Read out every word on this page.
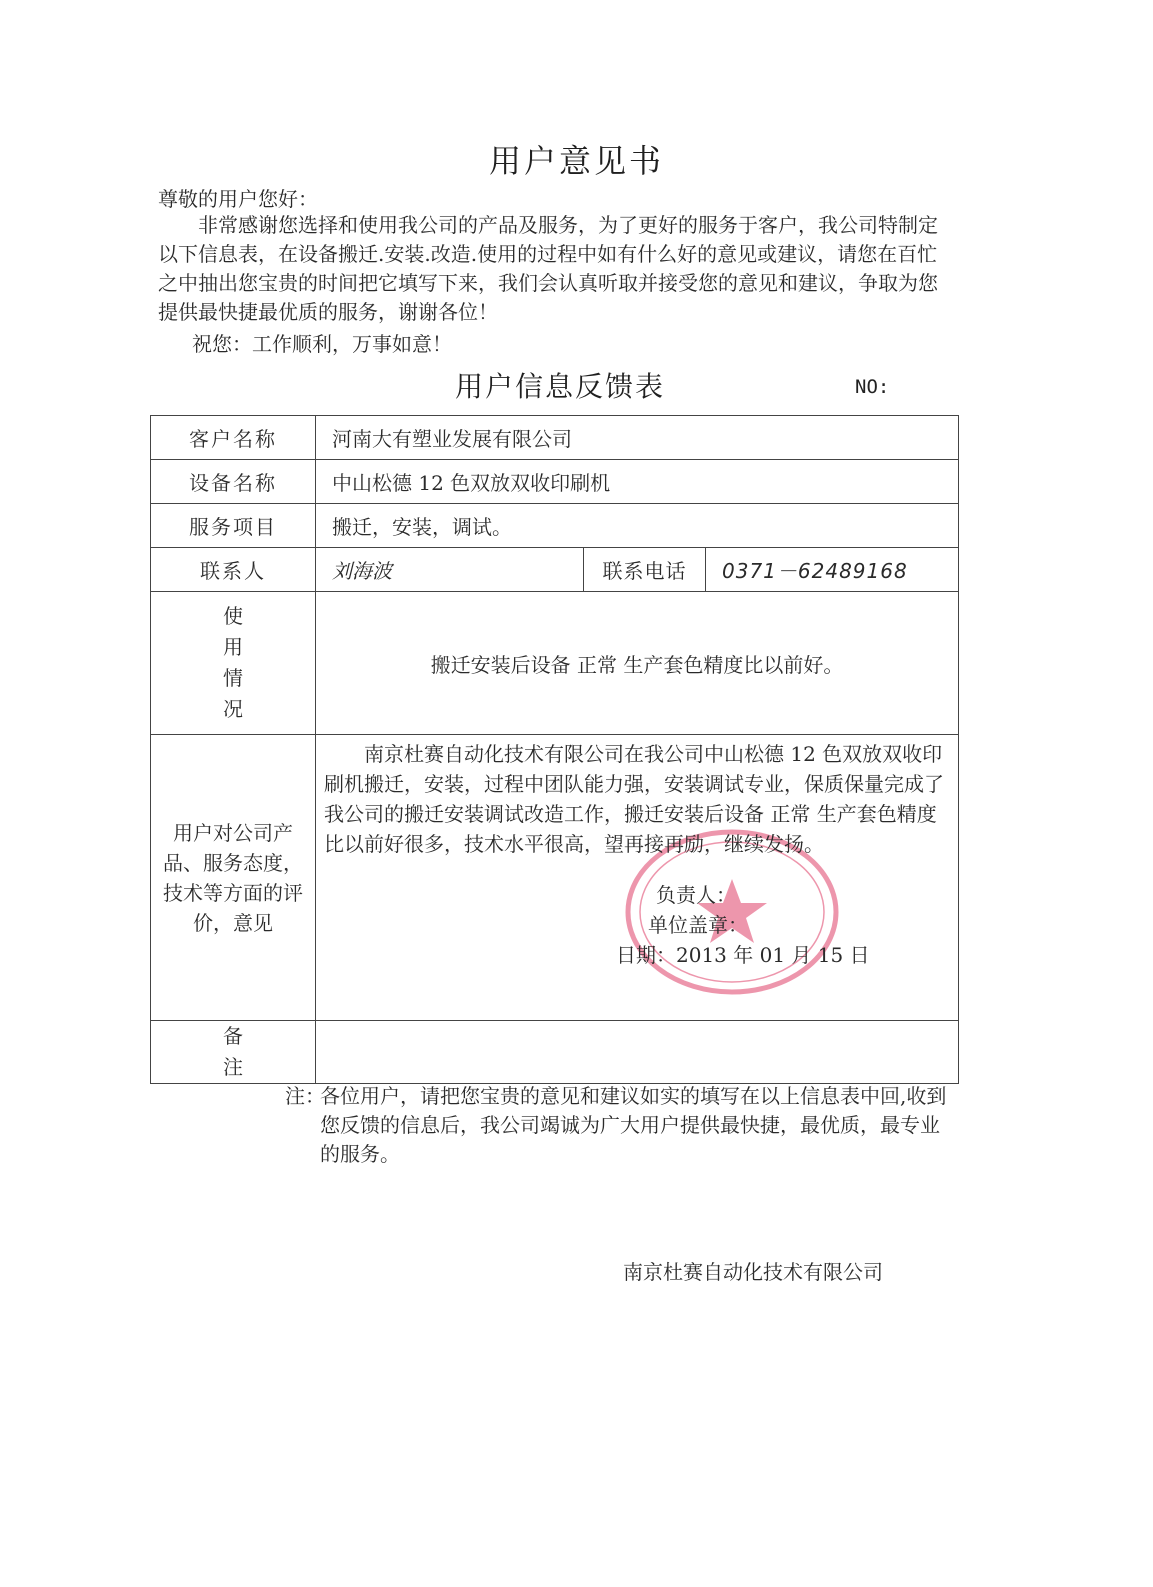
用户意见书
尊敬的用户您好：
非常感谢您选择和使用我公司的产品及服务，为了更好的服务于客户，我公司特制定以下信息表，在设备搬迁.安装.改造.使用的过程中如有什么好的意见或建议，请您在百忙之中抽出您宝贵的时间把它填写下来，我们会认真听取并接受您的意见和建议，争取为您提供最快捷最优质的服务，谢谢各位！
祝您：工作顺利，万事如意！
用户信息反馈表	NO:
客户名称	河南大有塑业发展有限公司		
设备名称	中山松德 12 色双放双收印刷机		
服务项目	搬迁，安装，调试。		
联系人	刘海波	联系电话	0371－62489168

使
用
情
况	搬迁安装后设备 正常 生产套色精度比以前好。		
用户对公司产品、服务态度，技术等方面的评价，意见	南京杜赛自动化技术有限公司在我公司中山松德 12 色双放双收印刷机搬迁，安装，过程中团队能力强，安装调试专业，保质保量完成了我公司的搬迁安装调试改造工作，搬迁安装后设备 正常 生产套色精度比以前好很多，技术水平很高，望再接再励，继续发扬。
负责人：
单位盖章：
日期：2013 年 01 月 15 日		

备
注			

注：
各位用户，请把您宝贵的意见和建议如实的填写在以上信息表中回,收到您反馈的信息后，我公司竭诚为广大用户提供最快捷，最优质，最专业的服务。
南京杜赛自动化技术有限公司
